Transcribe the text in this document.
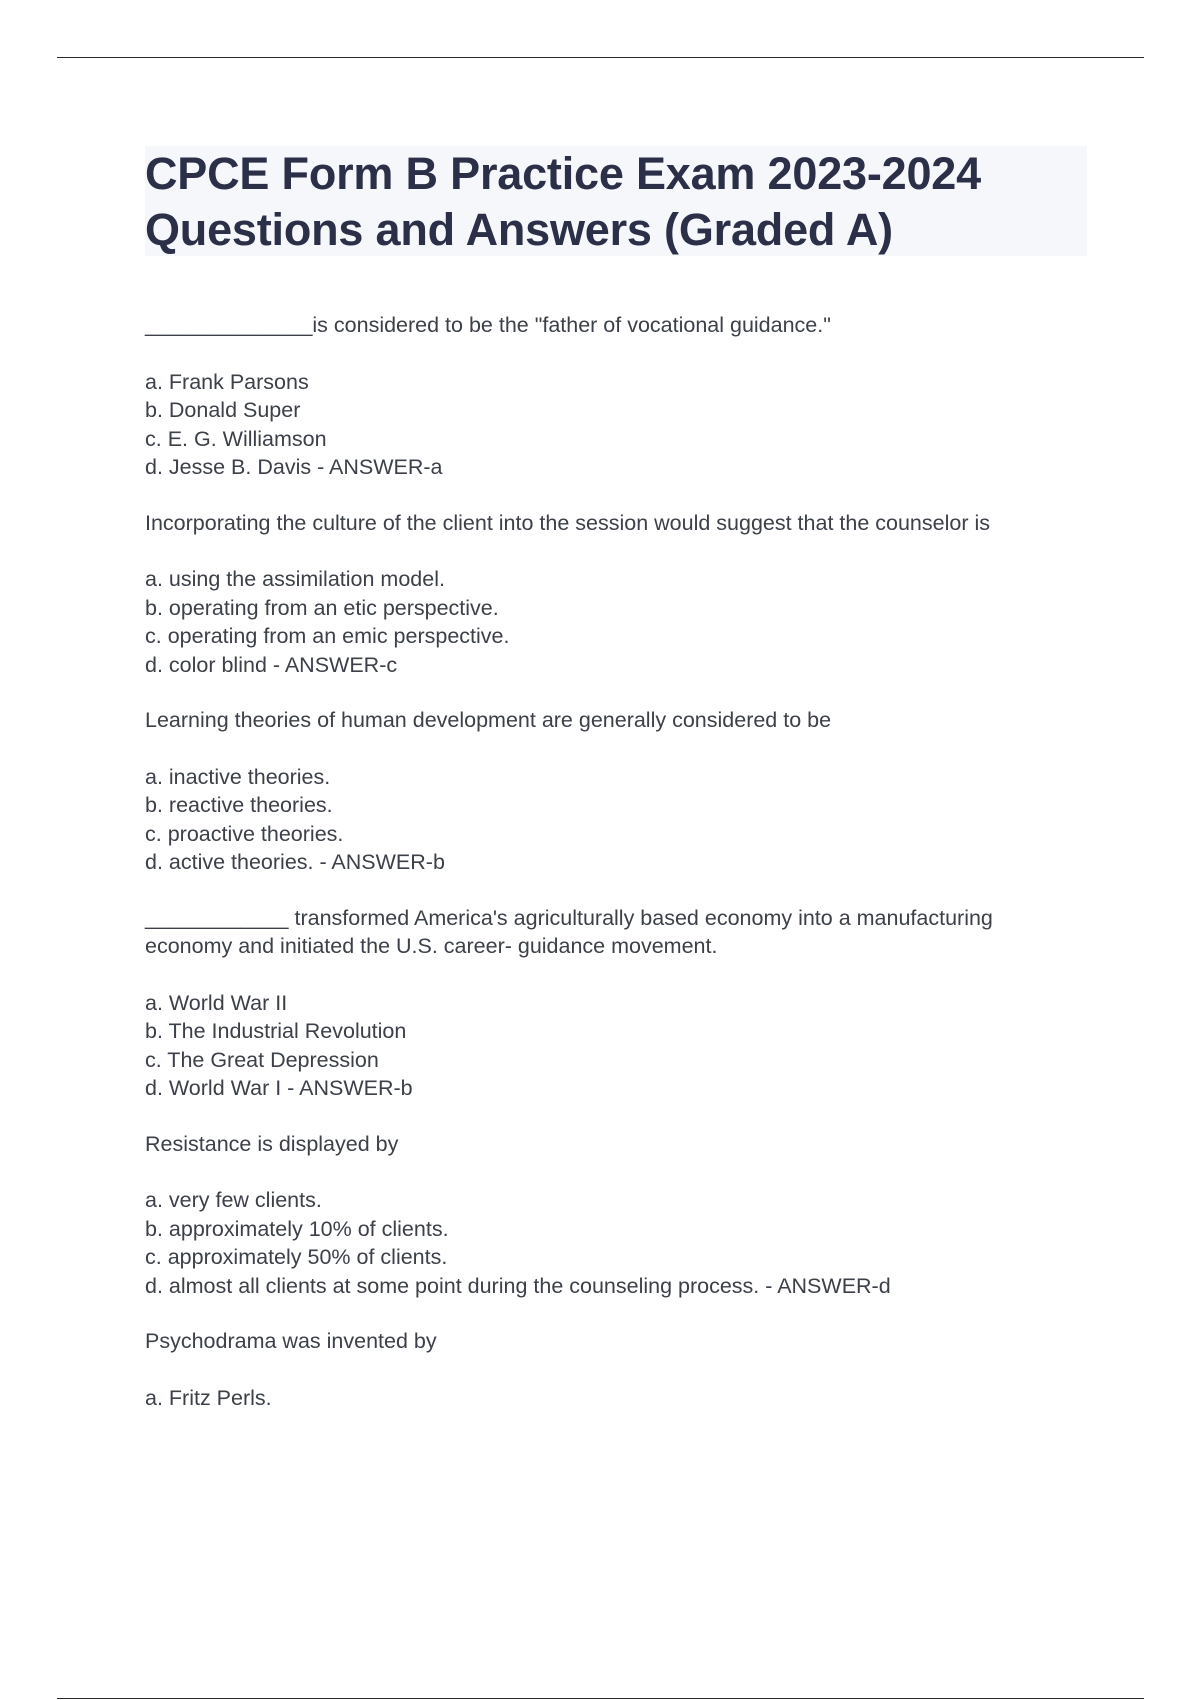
CPCE Form B Practice Exam 2023-2024
Questions and Answers (Graded A)

______________is considered to be the "father of vocational guidance."

a. Frank Parsons
b. Donald Super
c. E. G. Williamson
d. Jesse B. Davis - ANSWER-a

Incorporating the culture of the client into the session would suggest that the counselor is

a. using the assimilation model.
b. operating from an etic perspective.
c. operating from an emic perspective.
d. color blind - ANSWER-c

Learning theories of human development are generally considered to be

a. inactive theories.
b. reactive theories.
c. proactive theories.
d. active theories. - ANSWER-b

____________ transformed America's agriculturally based economy into a manufacturing economy and initiated the U.S. career- guidance movement.

a. World War II
b. The Industrial Revolution
c. The Great Depression
d. World War I - ANSWER-b

Resistance is displayed by

a. very few clients.
b. approximately 10% of clients.
c. approximately 50% of clients.
d. almost all clients at some point during the counseling process. - ANSWER-d

Psychodrama was invented by

a. Fritz Perls.
